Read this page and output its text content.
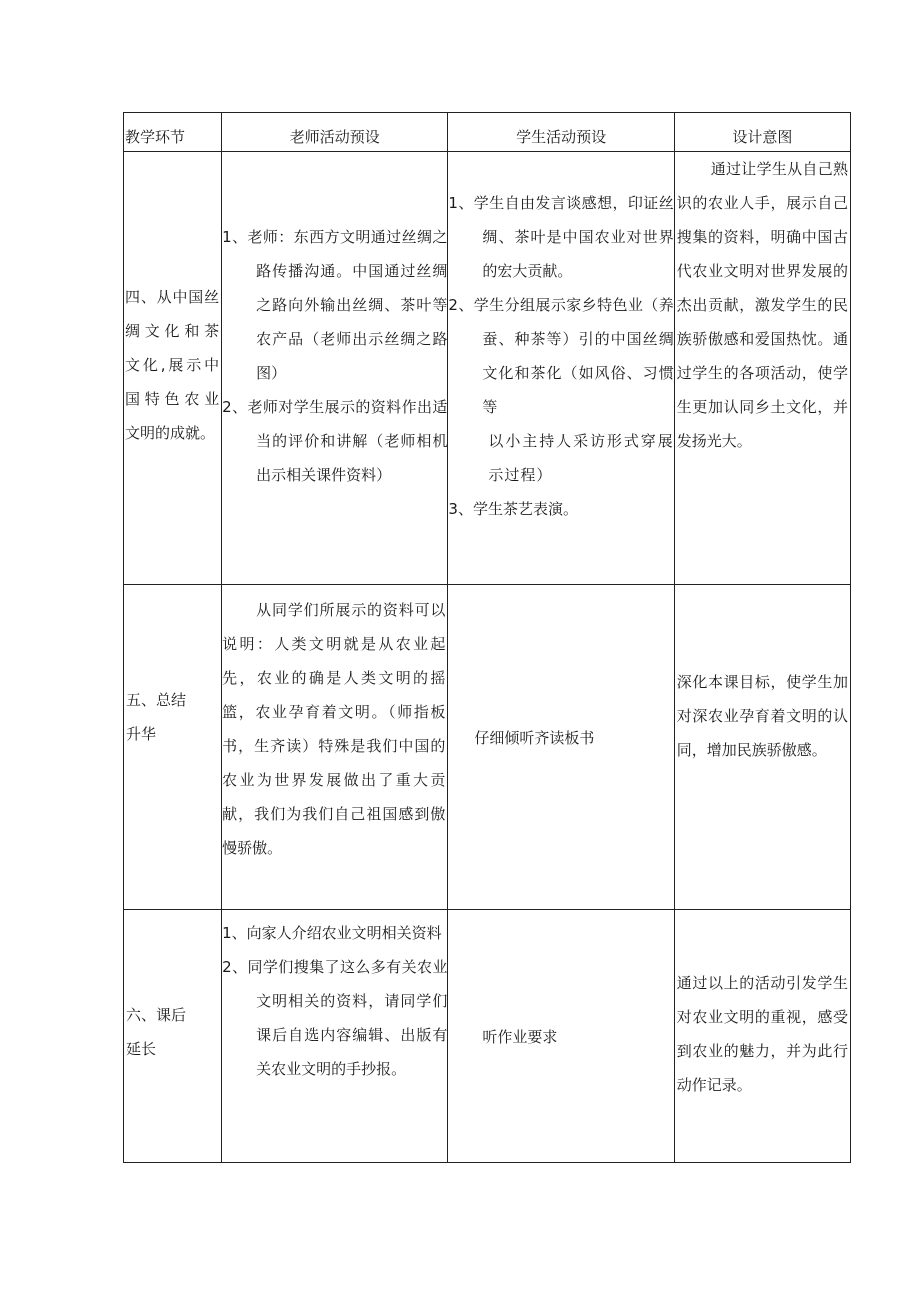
教学环节	老师活动预设	学生活动预设	设计意图

四、从中国丝
绸文化和茶
文化,展示中
国特色农业
文明的成就。	1、老师：东西方文明通过丝绸之路传播沟通。中国通过丝绸之路向外输出丝绸、茶叶等农产品（老师出示丝绸之路图）
2、老师对学生展示的资料作出适当的评价和讲解（老师相机出示相关课件资料）	1、学生自由发言谈感想，印证丝绸、茶叶是中国农业对世界的宏大贡献。
2、学生分组展示家乡特色业（养蚕、种茶等）引的中国丝绸文化和茶化（如风俗、习惯等
以小主持人采访形式穿展示过程）
3、学生茶艺表演。	通过让学生从自己熟识的农业人手，展示自己搜集的资料，明确中国古代农业文明对世界发展的杰出贡献，激发学生的民族骄傲感和爱国热忱。通过学生的各项活动，使学生更加认同乡土文化，并发扬光大。

五、总结
升华	从同学们所展示的资料可以说明：人类文明就是从农业起先，农业的确是人类文明的摇篮，农业孕育着文明。（师指板书，生齐读）特殊是我们中国的农业为世界发展做出了重大贡献，我们为我们自己祖国感到傲慢骄傲。	仔细倾听齐读板书	深化本课目标，使学生加对深农业孕育着文明的认同，增加民族骄傲感。

六、课后
延长	1、向家人介绍农业文明相关资料
2、同学们搜集了这么多有关农业文明相关的资料，请同学们课后自选内容编辑、出版有关农业文明的手抄报。	听作业要求	通过以上的活动引发学生对农业文明的重视，感受到农业的魅力，并为此行动作记录。
